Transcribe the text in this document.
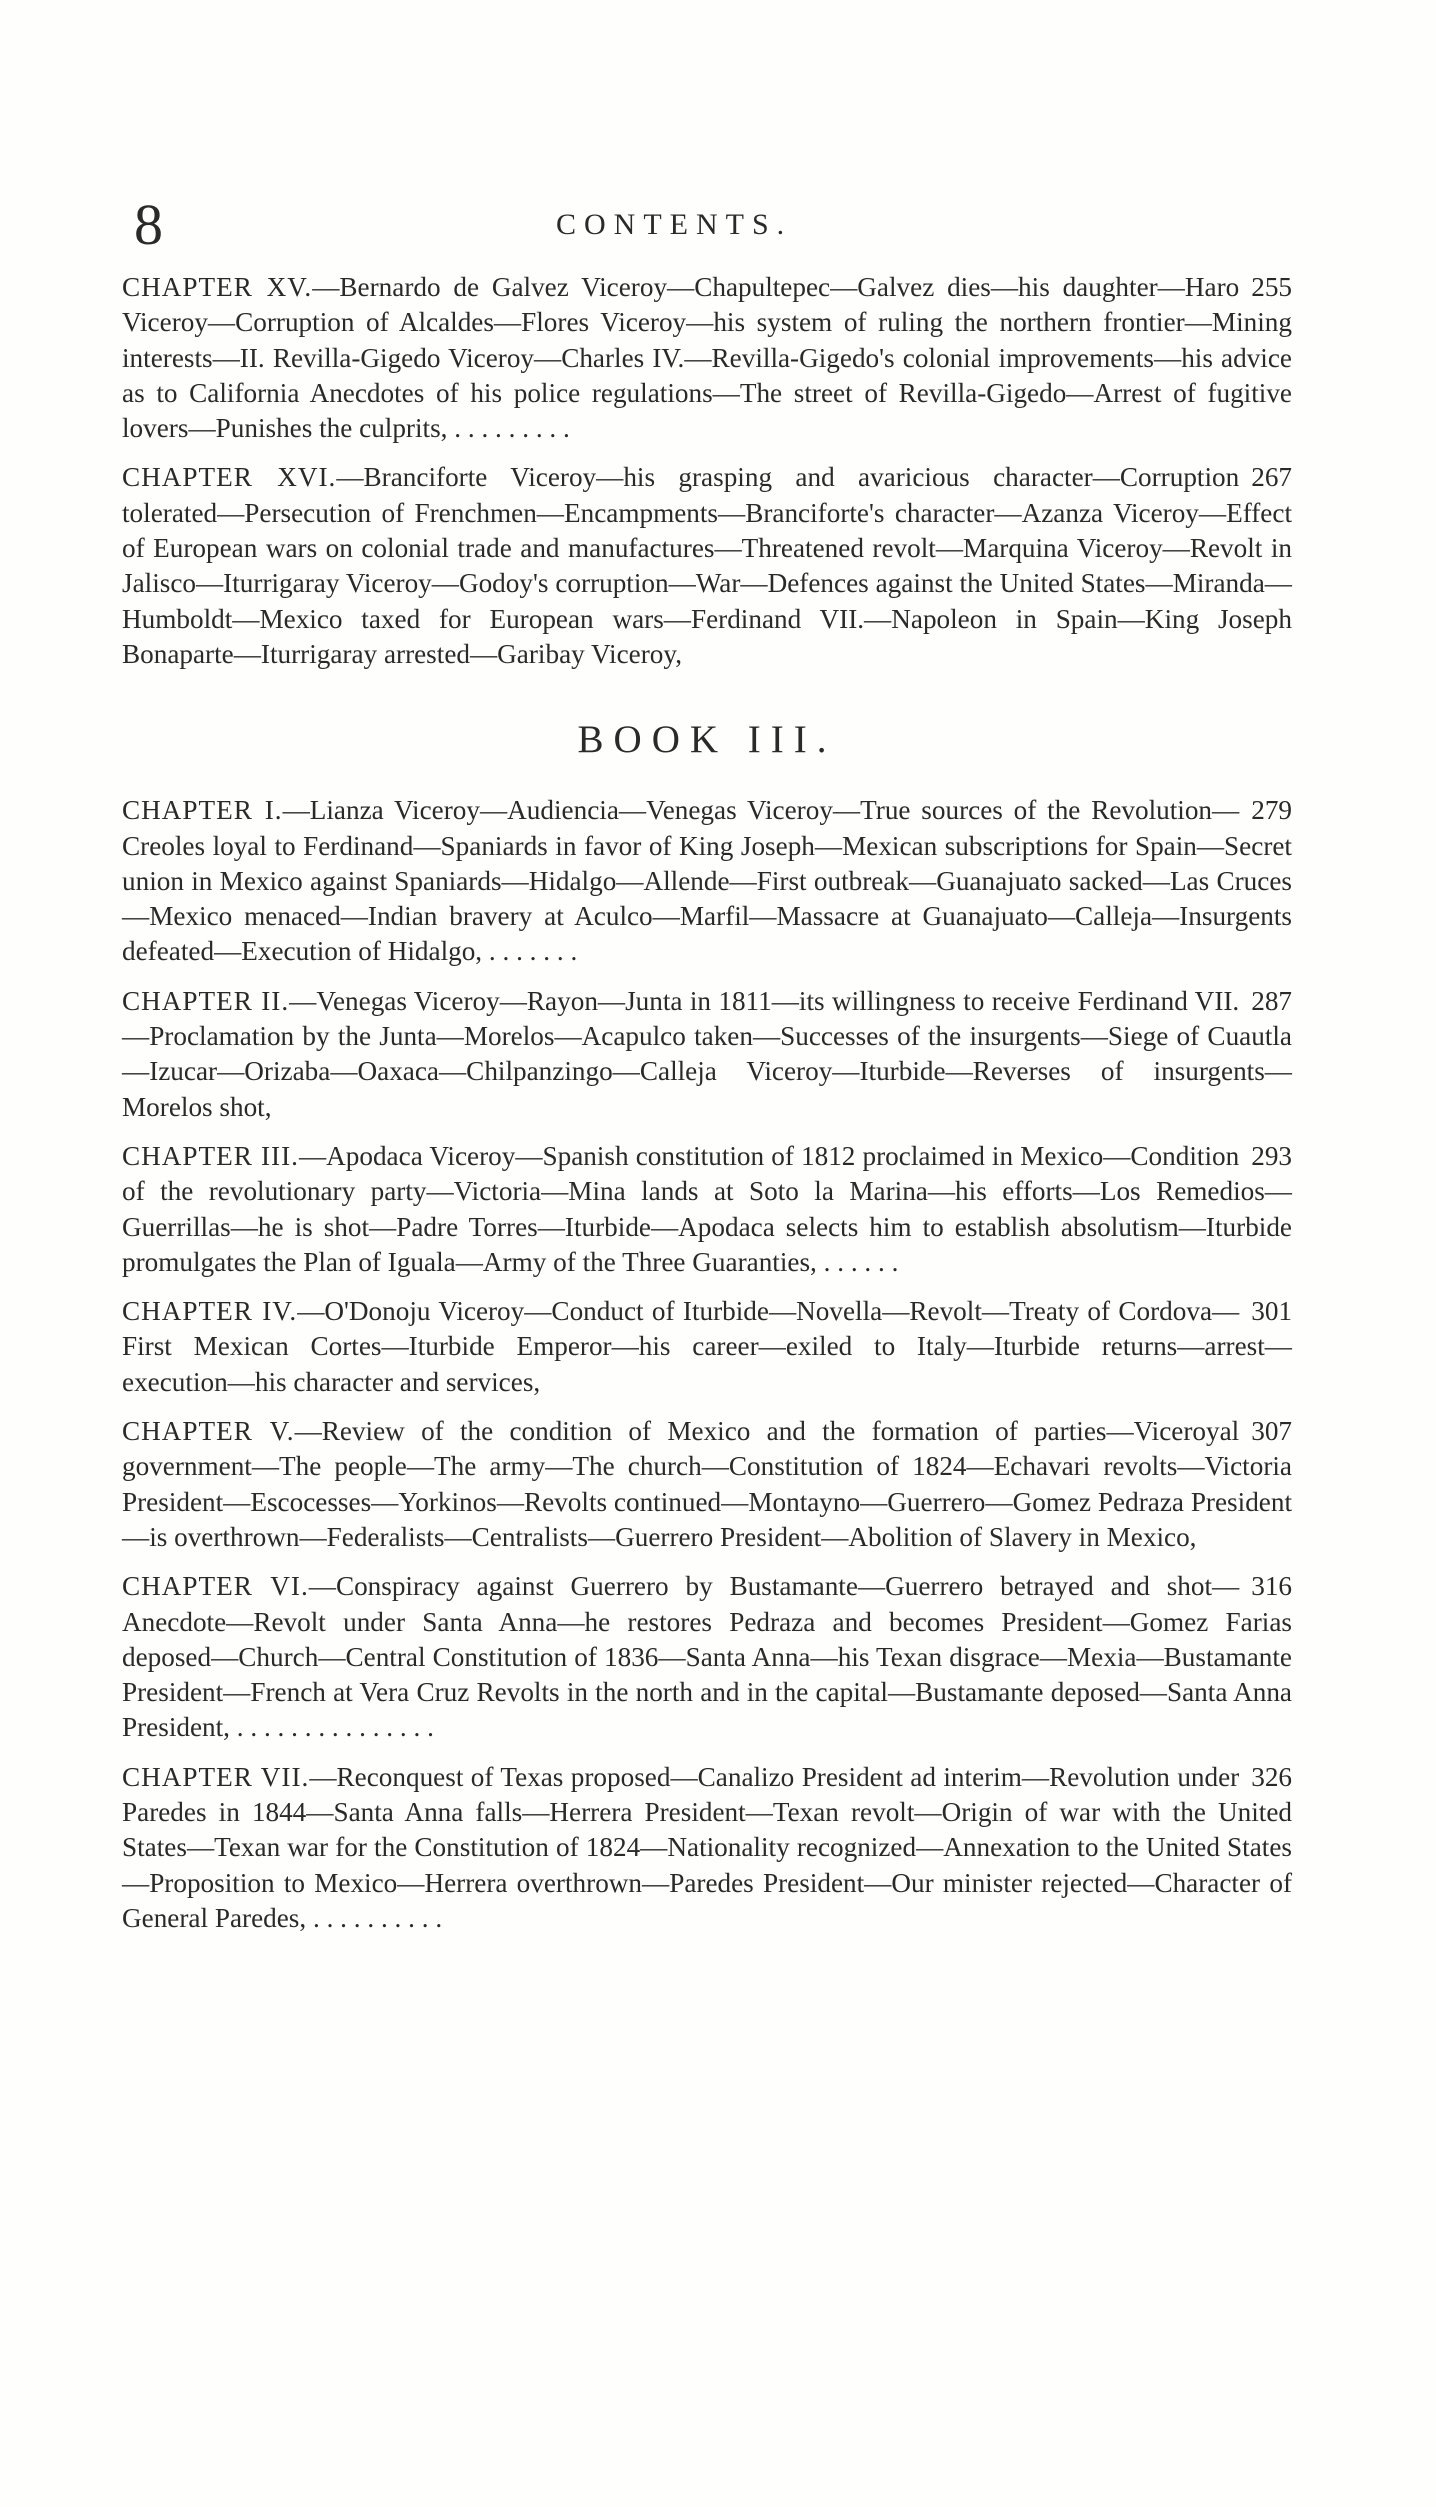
8	CONTENTS.
255
CHAPTER XV.—Bernardo de Galvez Viceroy—Chapultepec—Galvez dies—his daughter—Haro Viceroy—Corruption of Alcaldes—Flores Viceroy—his system of ruling the northern frontier—Mining interests—II. Revilla-Gigedo Viceroy—Charles IV.—Revilla-Gigedo's colonial improvements—his advice as to California Anecdotes of his police regulations—The street of Revilla-Gigedo—Arrest of fugitive lovers—Punishes the culprits, . . . . . . . . .
267
CHAPTER XVI.—Branciforte Viceroy—his grasping and avaricious character—Corruption tolerated—Persecution of Frenchmen—Encampments—Branciforte's character—Azanza Viceroy—Effect of European wars on colonial trade and manufactures—Threatened revolt—Marquina Viceroy—Revolt in Jalisco—Iturrigaray Viceroy—Godoy's corruption—War—Defences against the United States—Miranda—Humboldt—Mexico taxed for European wars—Ferdinand VII.—Napoleon in Spain—King Joseph Bonaparte—Iturrigaray arrested—Garibay Viceroy,
BOOK III.
279
CHAPTER I.—Lianza Viceroy—Audiencia—Venegas Viceroy—True sources of the Revolution—Creoles loyal to Ferdinand—Spaniards in favor of King Joseph—Mexican subscriptions for Spain—Secret union in Mexico against Spaniards—Hidalgo—Allende—First outbreak—Guanajuato sacked—Las Cruces—Mexico menaced—Indian bravery at Aculco—Marfil—Massacre at Guanajuato—Calleja—Insurgents defeated—Execution of Hidalgo, . . . . . . .
287
CHAPTER II.—Venegas Viceroy—Rayon—Junta in 1811—its willingness to receive Ferdinand VII.—Proclamation by the Junta—Morelos—Acapulco taken—Successes of the insurgents—Siege of Cuautla—Izucar—Orizaba—Oaxaca—Chilpanzingo—Calleja Viceroy—Iturbide—Reverses of insurgents—Morelos shot,
293
CHAPTER III.—Apodaca Viceroy—Spanish constitution of 1812 proclaimed in Mexico—Condition of the revolutionary party—Victoria—Mina lands at Soto la Marina—his efforts—Los Remedios—Guerrillas—he is shot—Padre Torres—Iturbide—Apodaca selects him to establish absolutism—Iturbide promulgates the Plan of Iguala—Army of the Three Guaranties, . . . . . .
301
CHAPTER IV.—O'Donoju Viceroy—Conduct of Iturbide—Novella—Revolt—Treaty of Cordova—First Mexican Cortes—Iturbide Emperor—his career—exiled to Italy—Iturbide returns—arrest—execution—his character and services,
307
CHAPTER V.—Review of the condition of Mexico and the formation of parties—Viceroyal government—The people—The army—The church—Constitution of 1824—Echavari revolts—Victoria President—Escocesses—Yorkinos—Revolts continued—Montayno—Guerrero—Gomez Pedraza President—is overthrown—Federalists—Centralists—Guerrero President—Abolition of Slavery in Mexico,
316
CHAPTER VI.—Conspiracy against Guerrero by Bustamante—Guerrero betrayed and shot—Anecdote—Revolt under Santa Anna—he restores Pedraza and becomes President—Gomez Farias deposed—Church—Central Constitution of 1836—Santa Anna—his Texan disgrace—Mexia—Bustamante President—French at Vera Cruz Revolts in the north and in the capital—Bustamante deposed—Santa Anna President, . . . . . . . . . . . . . . .
326
CHAPTER VII.—Reconquest of Texas proposed—Canalizo President ad interim—Revolution under Paredes in 1844—Santa Anna falls—Herrera President—Texan revolt—Origin of war with the United States—Texan war for the Constitution of 1824—Nationality recognized—Annexation to the United States—Proposition to Mexico—Herrera overthrown—Paredes President—Our minister rejected—Character of General Paredes, . . . . . . . . . .
